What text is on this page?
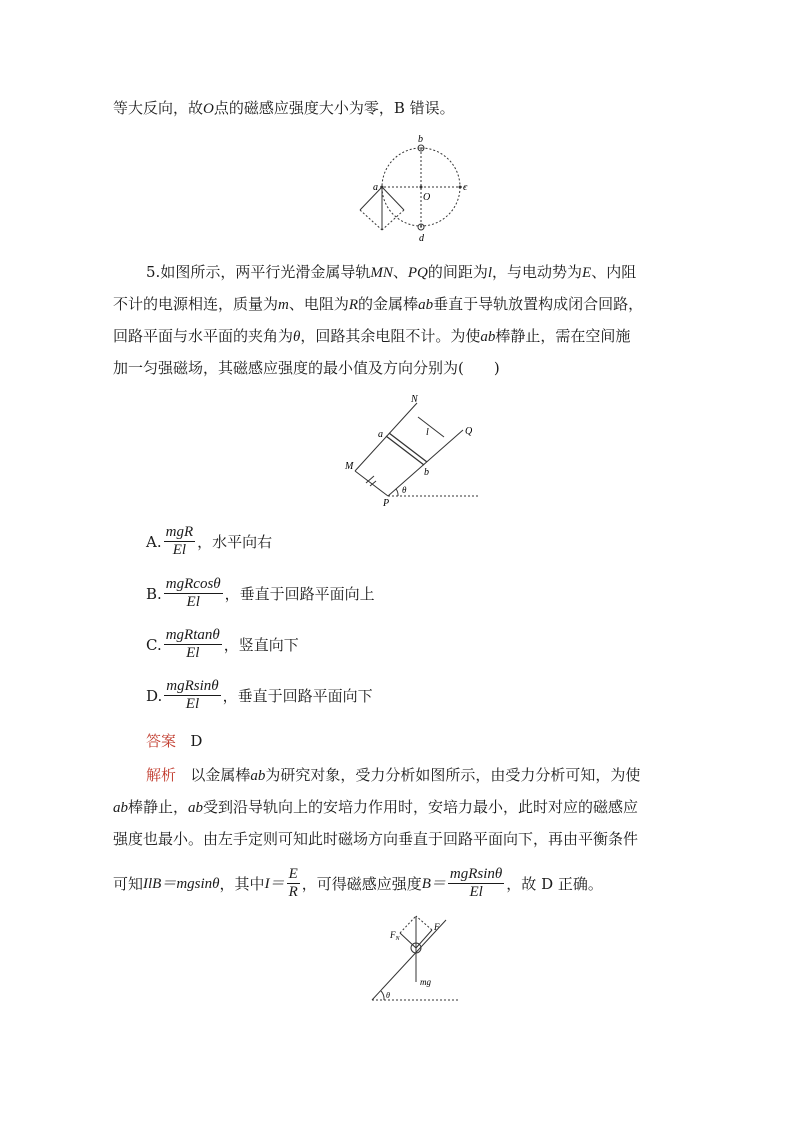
等大反向，故O点的磁感应强度大小为零，B 错误。
b
a	c
O
d
5.如图所示，两平行光滑金属导轨MN、PQ的间距为l，与电动势为E、内阻
不计的电源相连，质量为m、电阻为R的金属棒ab垂直于导轨放置构成闭合回路，
回路平面与水平面的夹角为θ，回路其余电阻不计。为使ab棒静止，需在空间施
加一匀强磁场，其磁感应强度的最小值及方向分别为(　　)
N
Q
a
b
l
M
P
θ
A. $\frac{\text{mgR}}{El}$ ，水平向右
B. $\frac{\text{mgRcosθ}}{El}$ ，垂直于回路平面向上
C. $\frac{\text{mgRtanθ}}{El}$ ，竖直向下
D. $\frac{\text{mgRsinθ}}{El}$ ，垂直于回路平面向下
答案 D
解析 以金属棒ab为研究对象，受力分析如图所示，由受力分析可知，为使
ab棒静止，ab受到沿导轨向上的安培力作用时，安培力最小，此时对应的磁感应
强度也最小。由左手定则可知此时磁场方向垂直于回路平面向下，再由平衡条件
可知 IlB＝mgsinθ ，其中 $I= \frac{E}{R}$ ，可得磁感应强度 $B= \frac{\text{mgRsinθ}}{El}$ ，故 D 正确。
$F_N$
F
mg
θ
